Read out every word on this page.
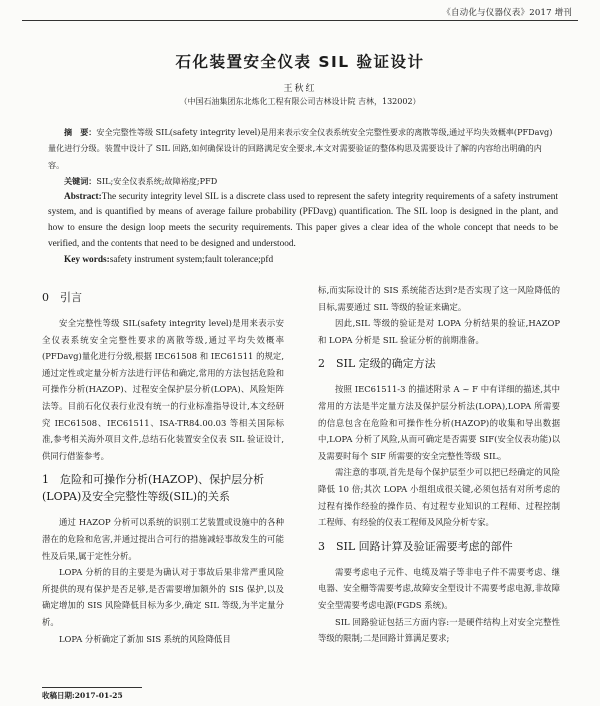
《自动化与仪器仪表》2017 增刊
石化装置安全仪表 SIL 验证设计
王秋红
（中国石油集团东北炼化工程有限公司吉林设计院 吉林，132002）

摘　要：安全完整性等级 SIL(safety integrity level)是用来表示安全仪表系统安全完整性要求的离散等级,通过平均失效概率(PFDavg)量化进行分级。装置中设计了 SIL 回路,如何确保设计的回路满足安全要求,本文对需要验证的整体构思及需要设计了解的内容给出明确的内容。

关键词：SIL;安全仪表系统;故障裕度;PFD

Abstract:The security integrity level SIL is a discrete class used to represent the safety integrity requirements of a safety instrument system, and is quantified by means of average failure probability (PFDavg) quantification. The SIL loop is designed in the plant, and how to ensure the design loop meets the security requirements. This paper gives a clear idea of the whole concept that needs to be verified, and the contents that need to be designed and understood.

Key words:safety instrument system;fault tolerance;pfd

0 引言

安全完整性等级 SIL(safety integrity level)是用来表示安全仪表系统安全完整性要求的离散等级,通过平均失效概率(PFDavg)量化进行分级,根据 IEC61508 和 IEC61511 的规定,通过定性或定量分析方法进行评估和确定,常用的方法包括危险和可操作分析(HAZOP)、过程安全保护层分析(LOPA)、风险矩阵法等。目前石化仪表行业没有统一的行业标准指导设计,本文经研究 IEC61508、IEC61511、ISA-TR84.00.03 等相关国际标准,参考相关海外项目文件,总结石化装置安全仪表 SIL 验证设计,供同行借鉴参考。

1 危险和可操作分析(HAZOP)、保护层分析(LOPA)及安全完整性等级(SIL)的关系

通过 HAZOP 分析可以系统的识别工艺装置或设施中的各种潜在的危险和危害,并通过提出合可行的措施减轻事故发生的可能性及后果,属于定性分析。

LOPA 分析的目的主要是为确认对于事故后果非常严重风险所提供的现有保护是否足够,是否需要增加额外的 SIS 保护,以及确定增加的 SIS 风险降低目标为多少,确定 SIL 等级,为半定量分析。

LOPA 分析确定了新加 SIS 系统的风险降低目

标,而实际设计的 SIS 系统能否达到?是否实现了这一风险降低的目标,需要通过 SIL 等级的验证来确定。

因此,SIL 等级的验证是对 LOPA 分析结果的验证,HAZOP 和 LOPA 分析是 SIL 验证分析的前期准备。

2 SIL 定级的确定方法

按照 IEC61511-3 的描述附录 A ~ F 中有详细的描述,其中常用的方法是半定量方法及保护层分析法(LOPA),LOPA 所需要的信息包含在危险和可操作性分析(HAZOP)的收集和导出数据中,LOPA 分析了风险,从而可确定是否需要 SIF(安全仪表功能)以及需要时每个 SIF 所需要的安全完整性等级 SIL。

需注意的事项,首先是每个保护层至少可以把已经确定的风险降低 10 倍;其次 LOPA 小组组成很关键,必须包括有对所考虑的过程有操作经验的操作员、有过程专业知识的工程师、过程控制工程师、有经验的仪表工程师及风险分析专家。

3 SIL 回路计算及验证需要考虑的部件

需要考虑电子元件、电缆及端子等非电子件不需要考虑、继电器、安全栅等需要考虑,故障安全型设计不需要考虑电源,非故障安全型需要考虑电源(FGDS 系统)。

SIL 回路验证包括三方面内容:一是硬件结构上对安全完整性等级的限制;二是回路计算满足要求;

收稿日期:2017-01-25
